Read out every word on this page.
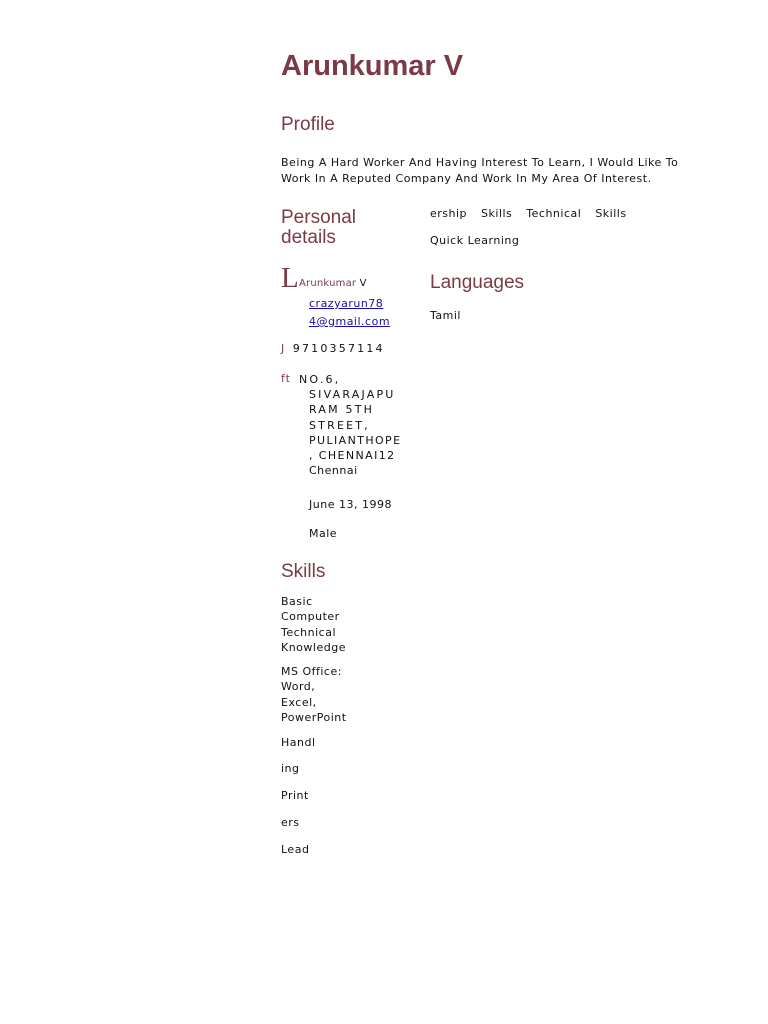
Arunkumar V
Profile
Being A Hard Worker And Having Interest To Learn, I Would Like To
Work In A Reputed Company And Work In My Area Of Interest.
Personal
details
L Arunkumar V
crazyarun78
4@gmail.com
J 9710357114
ft NO.6,
SIVARAJAPU
RAM 5TH
STREET,
PULIANTHOPE
, CHENNAI12
Chennai
June 13, 1998
Male
Skills
Basic
Computer
Technical
Knowledge
MS Office:
Word,
Excel,
PowerPoint
Handl
ing
Print
ers
Lead
ership Skills Technical Skills
Quick Learning
Languages
Tamil
